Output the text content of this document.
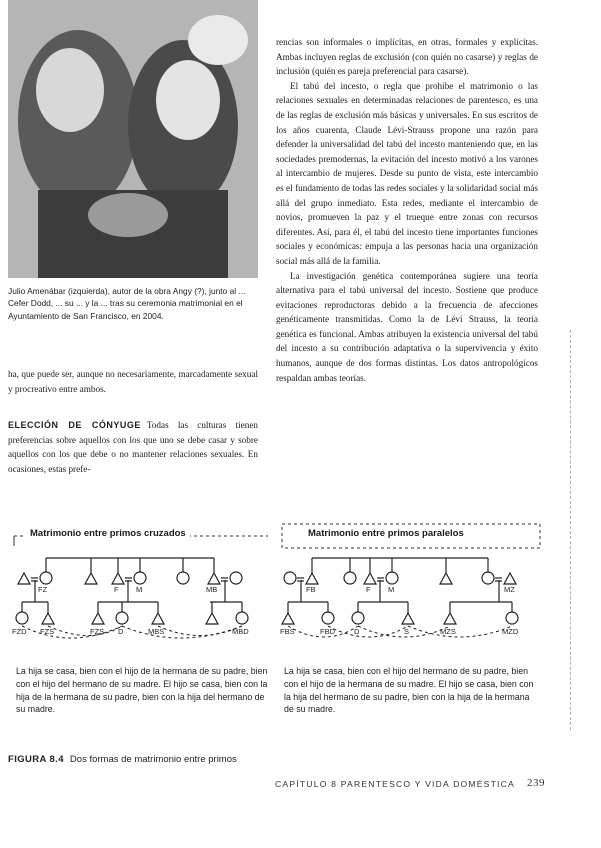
Julio Amenábar (izquierda), autor de la obra Angy (?), junto al ... Cefer Dodd, ... su ... y la ... tras su ceremonia matrimonial en el Ayuntamiento de San Francisco, en 2004.

ha, que puede ser, aunque no necesariamente, marcadamente sexual y procreativo entre ambos.

ELECCIÓN DE CÓNYUGE Todas las culturas tienen preferencias sobre aquellos con los que uno se debe casar y sobre aquellos con los que debe o no mantener relaciones sexuales. En ocasiones, estas prefe-

rencias son informales o implícitas, en otras, formales y explícitas. Ambas incluyen reglas de exclusión (con quién no casarse) y reglas de inclusión (quién es pareja preferencial para casarse).

El tabú del incesto, o regla que prohíbe el matrimonio o las relaciones sexuales en determinadas relaciones de parentesco, es una de las reglas de exclusión más básicas y universales. En sus escritos de los años cuarenta, Claude Lévi-Strauss propone una razón para defender la universalidad del tabú del incesto manteniendo que, en las sociedades premodernas, la evitación del incesto motivó a los varones al intercambio de mujeres. Desde su punto de vista, este intercambio es el fundamento de todas las redes sociales y la solidaridad social más allá del grupo inmediato. Esta redes, mediante el intercambio de novios, promueven la paz y el trueque entre zonas con recursos diferentes. Así, para él, el tabú del incesto tiene importantes funciones sociales y económicas: empuja a las personas hacia una organización social más allá de la familia.

La investigación genética contemporánea sugiere una teoría alternativa para el tabú universal del incesto. Sostiene que produce evitaciones reproductoras debido a la frecuencia de afecciones genéticamente transmitidas. Como la de Lévi Strauss, la teoría genética es funcional. Ambas atribuyen la existencia universal del tabú del incesto a su contribución adaptativa o la supervivencia y éxito humanos, aunque de dos formas distintas. Los datos antropológicos respaldan ambas teorías.

FZ	F M	MB
FZD FZS	FZS D	MBS	MBD
Matrimonio entre primos cruzados
FB	F M	MZ
FBS	FBD	D	S	MZS	MZD
Matrimonio entre primos paralelos
La hija se casa, bien con el hijo de la hermana de su padre, bien con el hijo del hermano de su madre. El hijo se casa, bien con la hija de la hermana de su padre, bien con la hija del hermano de su madre.
La hija se casa, bien con el hijo del hermano de su padre, bien con el hijo de la hermana de su madre. El hijo se casa, bien con la hija del hermano de su padre, bien con la hija de la hermana de su madre.
FIGURA 8.4 Dos formas de matrimonio entre primos
CAPÍTULO 8 PARENTESCO Y VIDA DOMÉSTICA 239
